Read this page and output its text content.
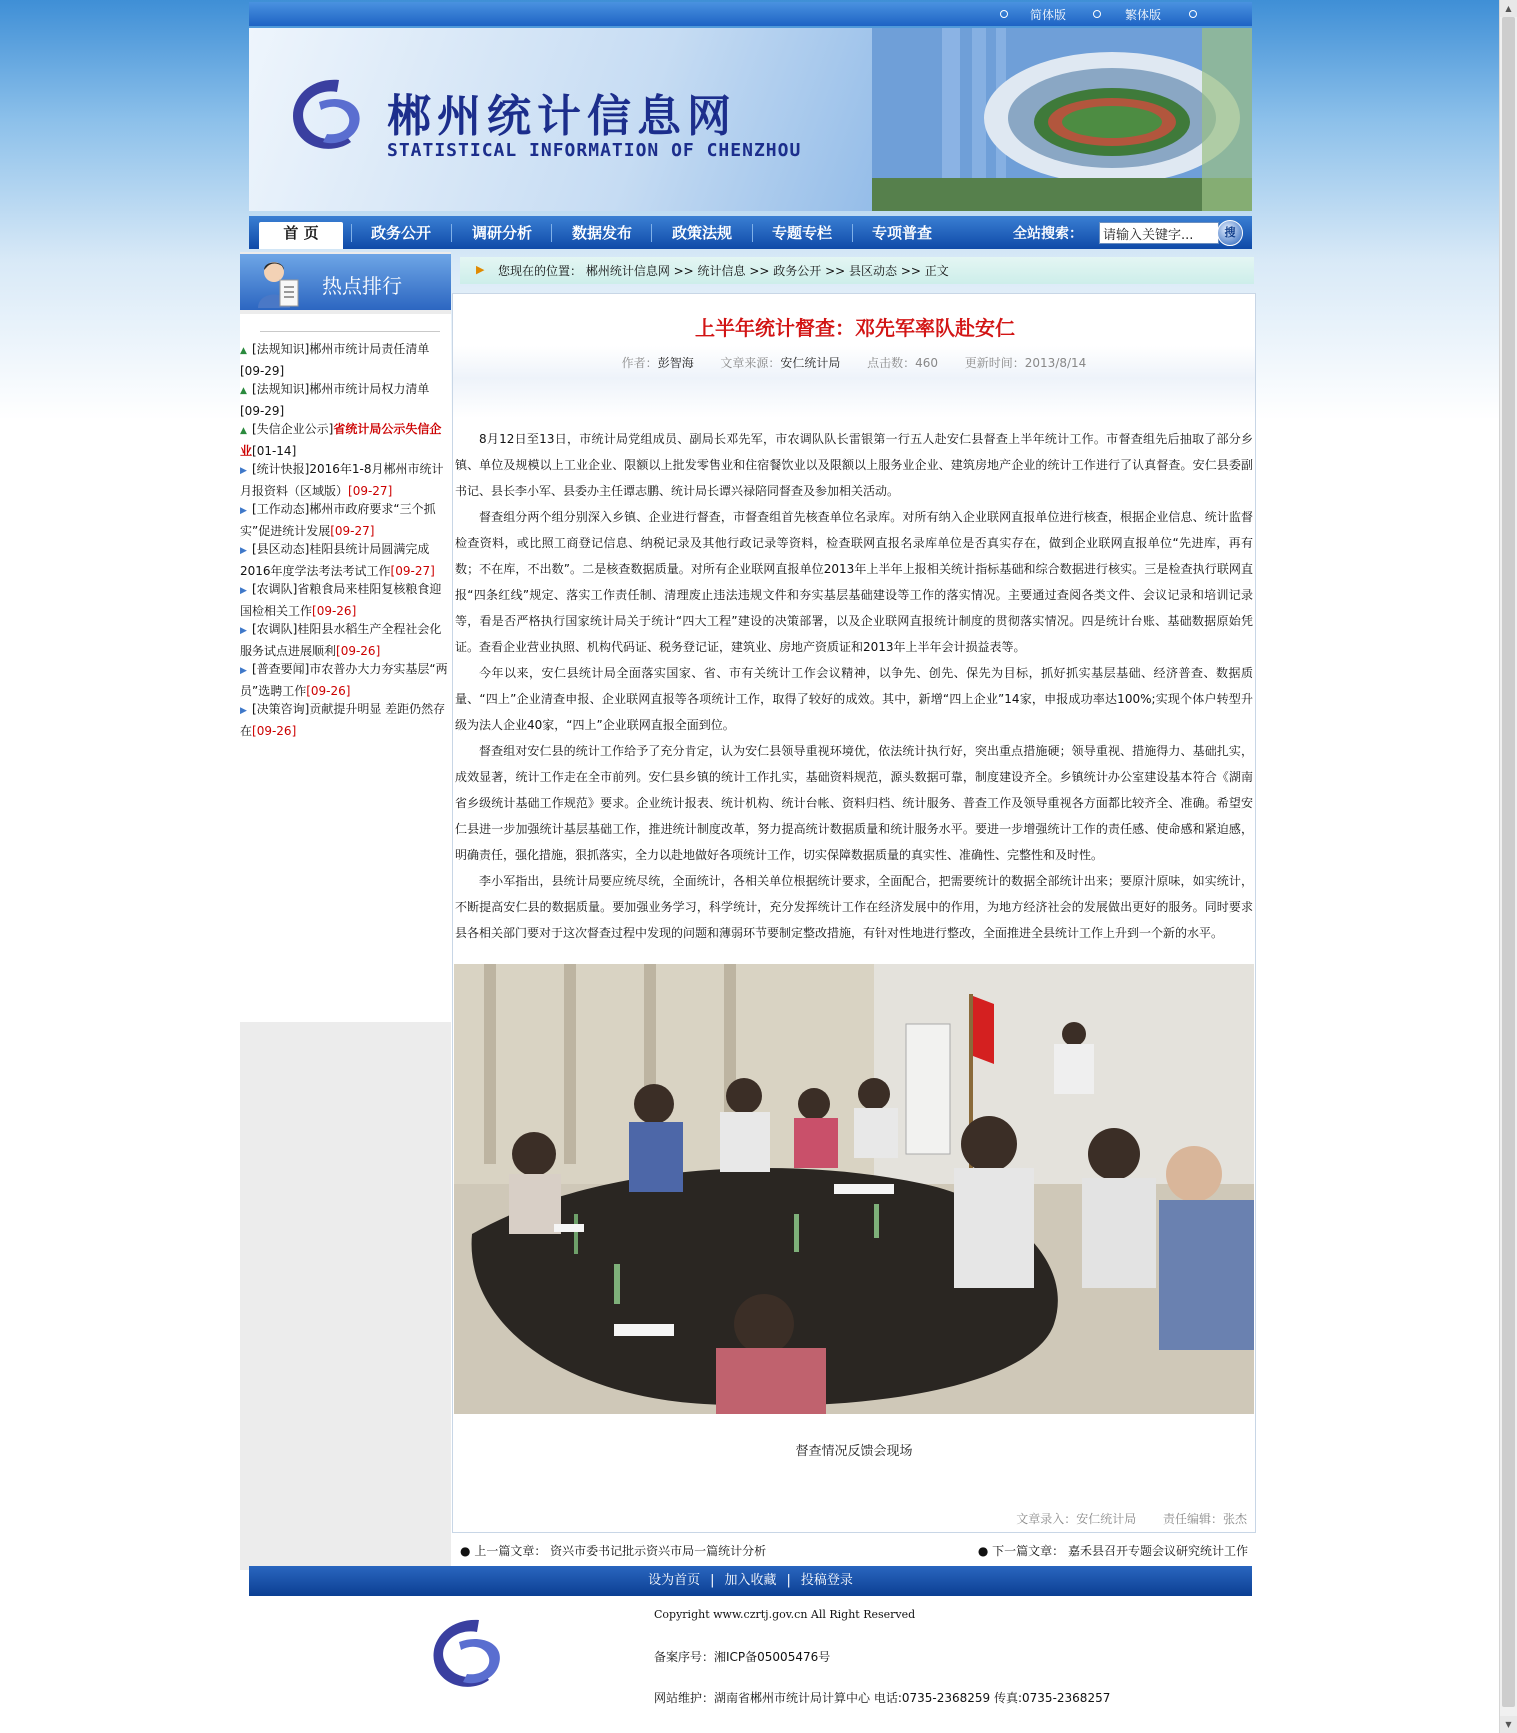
简体版	繁体版
郴州统计信息网
STATISTICAL INFORMATION OF CHENZHOU
首 页	政务公开	调研分析	数据发布	政策法规	专题专栏	专项普查	全站搜索：
请输入关键字...	搜
热点排行
▲ [法规知识]郴州市统计局责任清单
[09-29]
▲ [法规知识]郴州市统计局权力清单
[09-29]
▲ [失信企业公示]省统计局公示失信企业[01-14]
▶ [统计快报]2016年1-8月郴州市统计月报资料（区域版）[09-27]
▶ [工作动态]郴州市政府要求“三个抓实”促进统计发展[09-27]
▶ [县区动态]桂阳县统计局圆满完成2016年度学法考法考试工作[09-27]
▶ [农调队]省粮食局来桂阳复核粮食迎国检相关工作[09-26]
▶ [农调队]桂阳县水稻生产全程社会化服务试点进展顺利[09-26]
▶ [普查要闻]市农普办大力夯实基层“两员”选聘工作[09-26]
▶ [决策咨询]贡献提升明显 差距仍然存在[09-26]
▶ 您现在的位置： 郴州统计信息网 >> 统计信息 >> 政务公开 >> 县区动态 >> 正文
上半年统计督查：邓先军率队赴安仁
作者：彭智海 文章来源：安仁统计局 点击数：460 更新时间：2013/8/14

8月12日至13日，市统计局党组成员、副局长邓先军，市农调队队长雷银第一行五人赴安仁县督查上半年统计工作。市督查组先后抽取了部分乡镇、单位及规模以上工业企业、限额以上批发零售业和住宿餐饮业以及限额以上服务业企业、建筑房地产企业的统计工作进行了认真督查。安仁县委副书记、县长李小军、县委办主任谭志鹏、统计局长谭兴禄陪同督查及参加相关活动。

督查组分两个组分别深入乡镇、企业进行督查，市督查组首先核查单位名录库。对所有纳入企业联网直报单位进行核查，根据企业信息、统计监督检查资料，或比照工商登记信息、纳税记录及其他行政记录等资料，检查联网直报名录库单位是否真实存在，做到企业联网直报单位“先进库，再有数；不在库，不出数”。二是核查数据质量。对所有企业联网直报单位2013年上半年上报相关统计指标基础和综合数据进行核实。三是检查执行联网直报“四条红线”规定、落实工作责任制、清理废止违法违规文件和夯实基层基础建设等工作的落实情况。主要通过查阅各类文件、会议记录和培训记录等，看是否严格执行国家统计局关于统计“四大工程”建设的决策部署，以及企业联网直报统计制度的贯彻落实情况。四是统计台账、基础数据原始凭证。查看企业营业执照、机构代码证、税务登记证，建筑业、房地产资质证和2013年上半年会计损益表等。

今年以来，安仁县统计局全面落实国家、省、市有关统计工作会议精神，以争先、创先、保先为目标，抓好抓实基层基础、经济普查、数据质量、“四上”企业清查申报、企业联网直报等各项统计工作，取得了较好的成效。其中，新增“四上企业”14家，申报成功率达100%;实现个体户转型升级为法人企业40家，“四上”企业联网直报全面到位。

督查组对安仁县的统计工作给予了充分肯定，认为安仁县领导重视环境优，依法统计执行好，突出重点措施硬；领导重视、措施得力、基础扎实，成效显著，统计工作走在全市前列。安仁县乡镇的统计工作扎实，基础资料规范，源头数据可靠，制度建设齐全。乡镇统计办公室建设基本符合《湖南省乡级统计基础工作规范》要求。企业统计报表、统计机构、统计台帐、资料归档、统计服务、普查工作及领导重视各方面都比较齐全、准确。希望安仁县进一步加强统计基层基础工作，推进统计制度改革，努力提高统计数据质量和统计服务水平。要进一步增强统计工作的责任感、使命感和紧迫感，明确责任，强化措施，狠抓落实，全力以赴地做好各项统计工作，切实保障数据质量的真实性、准确性、完整性和及时性。

李小军指出，县统计局要应统尽统，全面统计，各相关单位根据统计要求，全面配合，把需要统计的数据全部统计出来；要原汁原味，如实统计，不断提高安仁县的数据质量。要加强业务学习，科学统计，充分发挥统计工作在经济发展中的作用，为地方经济社会的发展做出更好的服务。同时要求县各相关部门要对于这次督查过程中发现的问题和薄弱环节要制定整改措施，有针对性地进行整改，全面推进全县统计工作上升到一个新的水平。

督查情况反馈会现场
文章录入：安仁统计局 责任编辑：张杰
● 上一篇文章： 资兴市委书记批示资兴市局一篇统计分析	● 下一篇文章： 嘉禾县召开专题会议研究统计工作
设为首页 | 加入收藏 | 投稿登录
Copyright www.czrtj.gov.cn All Right Reserved
备案序号：湘ICP备05005476号
网站维护：湖南省郴州市统计局计算中心 电话:0735-2368259 传真:0735-2368257
▲
▼
